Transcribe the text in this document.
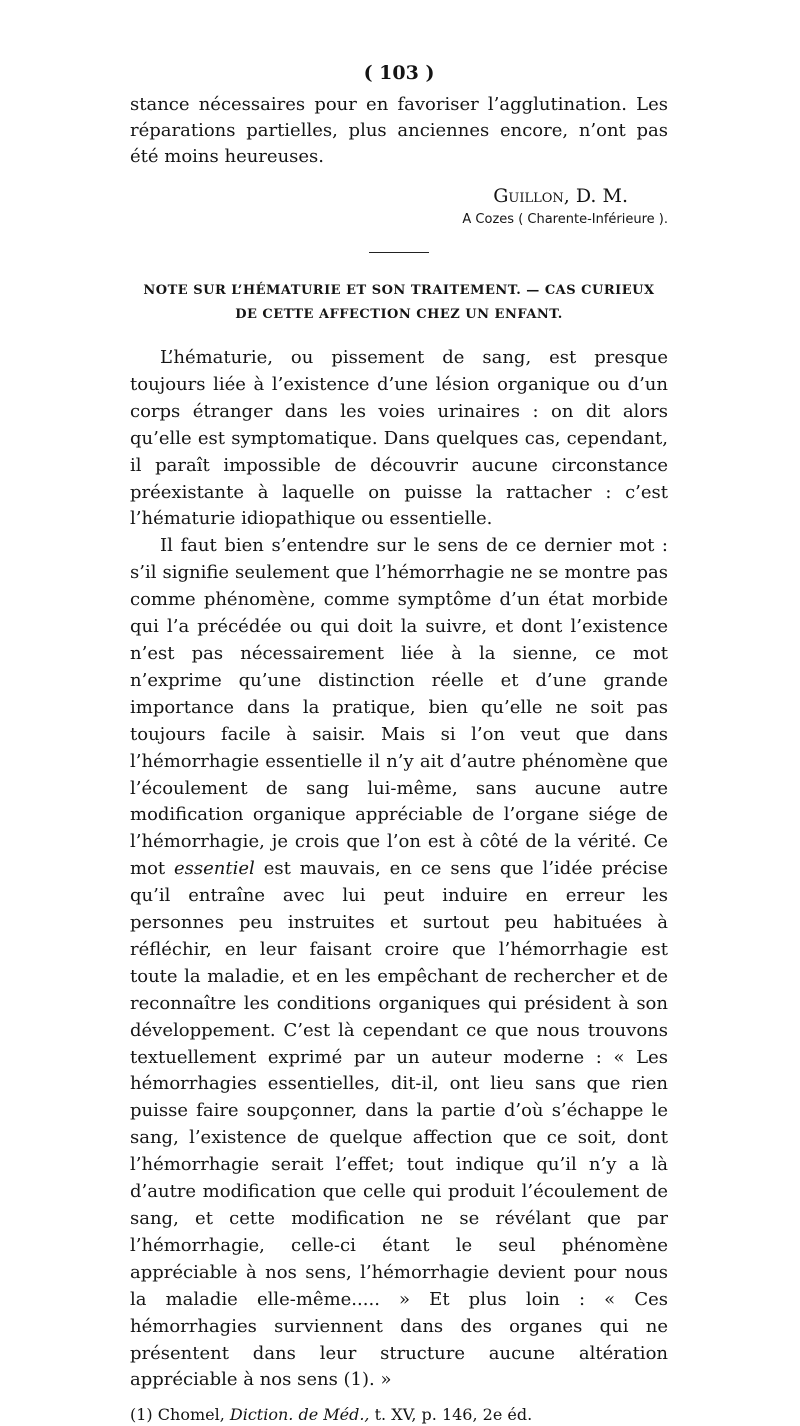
( 103 )

stance nécessaires pour en favoriser l’agglutination. Les réparations partielles, plus anciennes encore, n’ont pas été moins heureuses.

Guillon, D. M.
A Cozes ( Charente-Inférieure ).
NOTE SUR L’HÉMATURIE ET SON TRAITEMENT. — CAS CURIEUX
DE CETTE AFFECTION CHEZ UN ENFANT.

L’hématurie, ou pissement de sang, est presque toujours liée à l’existence d’une lésion organique ou d’un corps étranger dans les voies urinaires : on dit alors qu’elle est symptomatique. Dans quelques cas, cependant, il paraît impossible de découvrir aucune circonstance préexistante à laquelle on puisse la rattacher : c’est l’hématurie idiopathique ou essentielle.

Il faut bien s’entendre sur le sens de ce dernier mot : s’il signifie seulement que l’hémorrhagie ne se montre pas comme phénomène, comme symptôme d’un état morbide qui l’a précédée ou qui doit la suivre, et dont l’existence n’est pas nécessairement liée à la sienne, ce mot n’exprime qu’une distinction réelle et d’une grande importance dans la pratique, bien qu’elle ne soit pas toujours facile à saisir. Mais si l’on veut que dans l’hémorrhagie essentielle il n’y ait d’autre phénomène que l’écoulement de sang lui-même, sans aucune autre modification organique appréciable de l’organe siége de l’hémorrhagie, je crois que l’on est à côté de la vérité. Ce mot essentiel est mauvais, en ce sens que l’idée précise qu’il entraîne avec lui peut induire en erreur les personnes peu instruites et surtout peu habituées à réfléchir, en leur faisant croire que l’hémorrhagie est toute la maladie, et en les empêchant de rechercher et de reconnaître les conditions organiques qui président à son développement. C’est là cependant ce que nous trouvons textuellement exprimé par un auteur moderne : « Les hémorrhagies essentielles, dit-il, ont lieu sans que rien puisse faire soupçonner, dans la partie d’où s’échappe le sang, l’existence de quelque affection que ce soit, dont l’hémorrhagie serait l’effet; tout indique qu’il n’y a là d’autre modification que celle qui produit l’écoulement de sang, et cette modification ne se révélant que par l’hémorrhagie, celle-ci étant le seul phénomène appréciable à nos sens, l’hémorrhagie devient pour nous la maladie elle-même..... » Et plus loin : « Ces hémorrhagies surviennent dans des organes qui ne présentent dans leur structure aucune altération appréciable à nos sens (1). »

(1) Chomel, Diction. de Méd., t. XV, p. 146, 2e éd.
